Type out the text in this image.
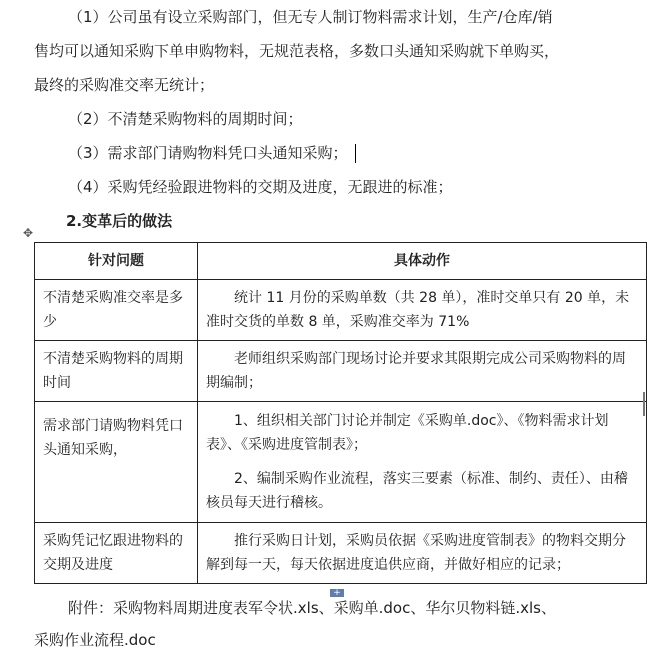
（1）公司虽有设立采购部门，但无专人制订物料需求计划，生产/仓库/销
售均可以通知采购下单申购物料，无规范表格，多数口头通知采购就下单购买，
最终的采购准交率无统计；

（2）不清楚采购物料的周期时间；

（3）需求部门请购物料凭口头通知采购；

（4）采购凭经验跟进物料的交期及进度，无跟进的标准；

2.变革后的做法

✥
针对问题	具体动作
不清楚采购准交率是多少	统计 11 月份的采购单数（共 28 单），准时交单只有 20 单，未准时交货的单数 8 单，采购准交率为 71%

不清楚采购物料的周期时间	老师组织采购部门现场讨论并要求其限期完成公司采购物料的周期编制；

需求部门请购物料凭口头通知采购，	1、组织相关部门讨论并制定《采购单.doc》、《物料需求计划表》、《采购进度管制表》；

2、编制采购作业流程，落实三要素（标准、制约、责任）、由稽核员每天进行稽核。

采购凭记忆跟进物料的交期及进度	推行采购日计划，采购员依据《采购进度管制表》的物料交期分解到每一天，每天依据进度追供应商，并做好相应的记录；

+
附件：采购物料周期进度表军令状.xls、采购单.doc、华尔贝物料链.xls、
采购作业流程.doc
